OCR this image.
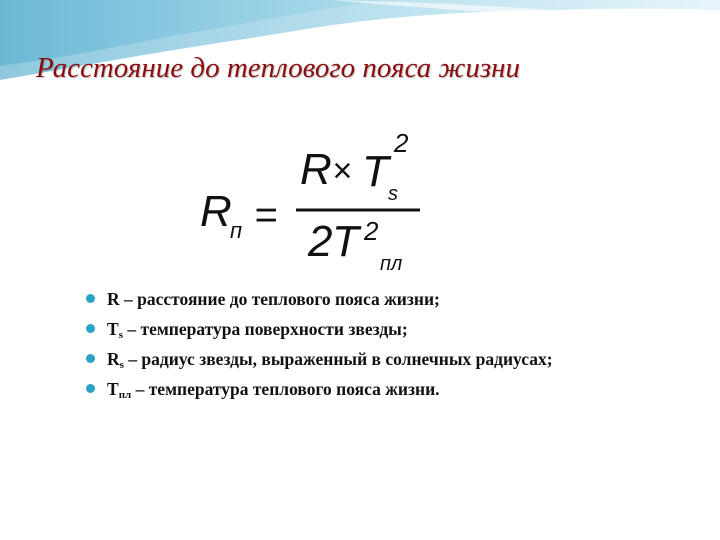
Расстояние до теплового пояса жизни
R
п =
R × T
2
s
2 T 2
пл
R – расстояние до теплового пояса жизни;
$T_s$ – температура поверхности звезды;
$R_s$ – радиус звезды, выраженный в солнечных радиусах;
$T_{пл}$ – температура теплового пояса жизни.
